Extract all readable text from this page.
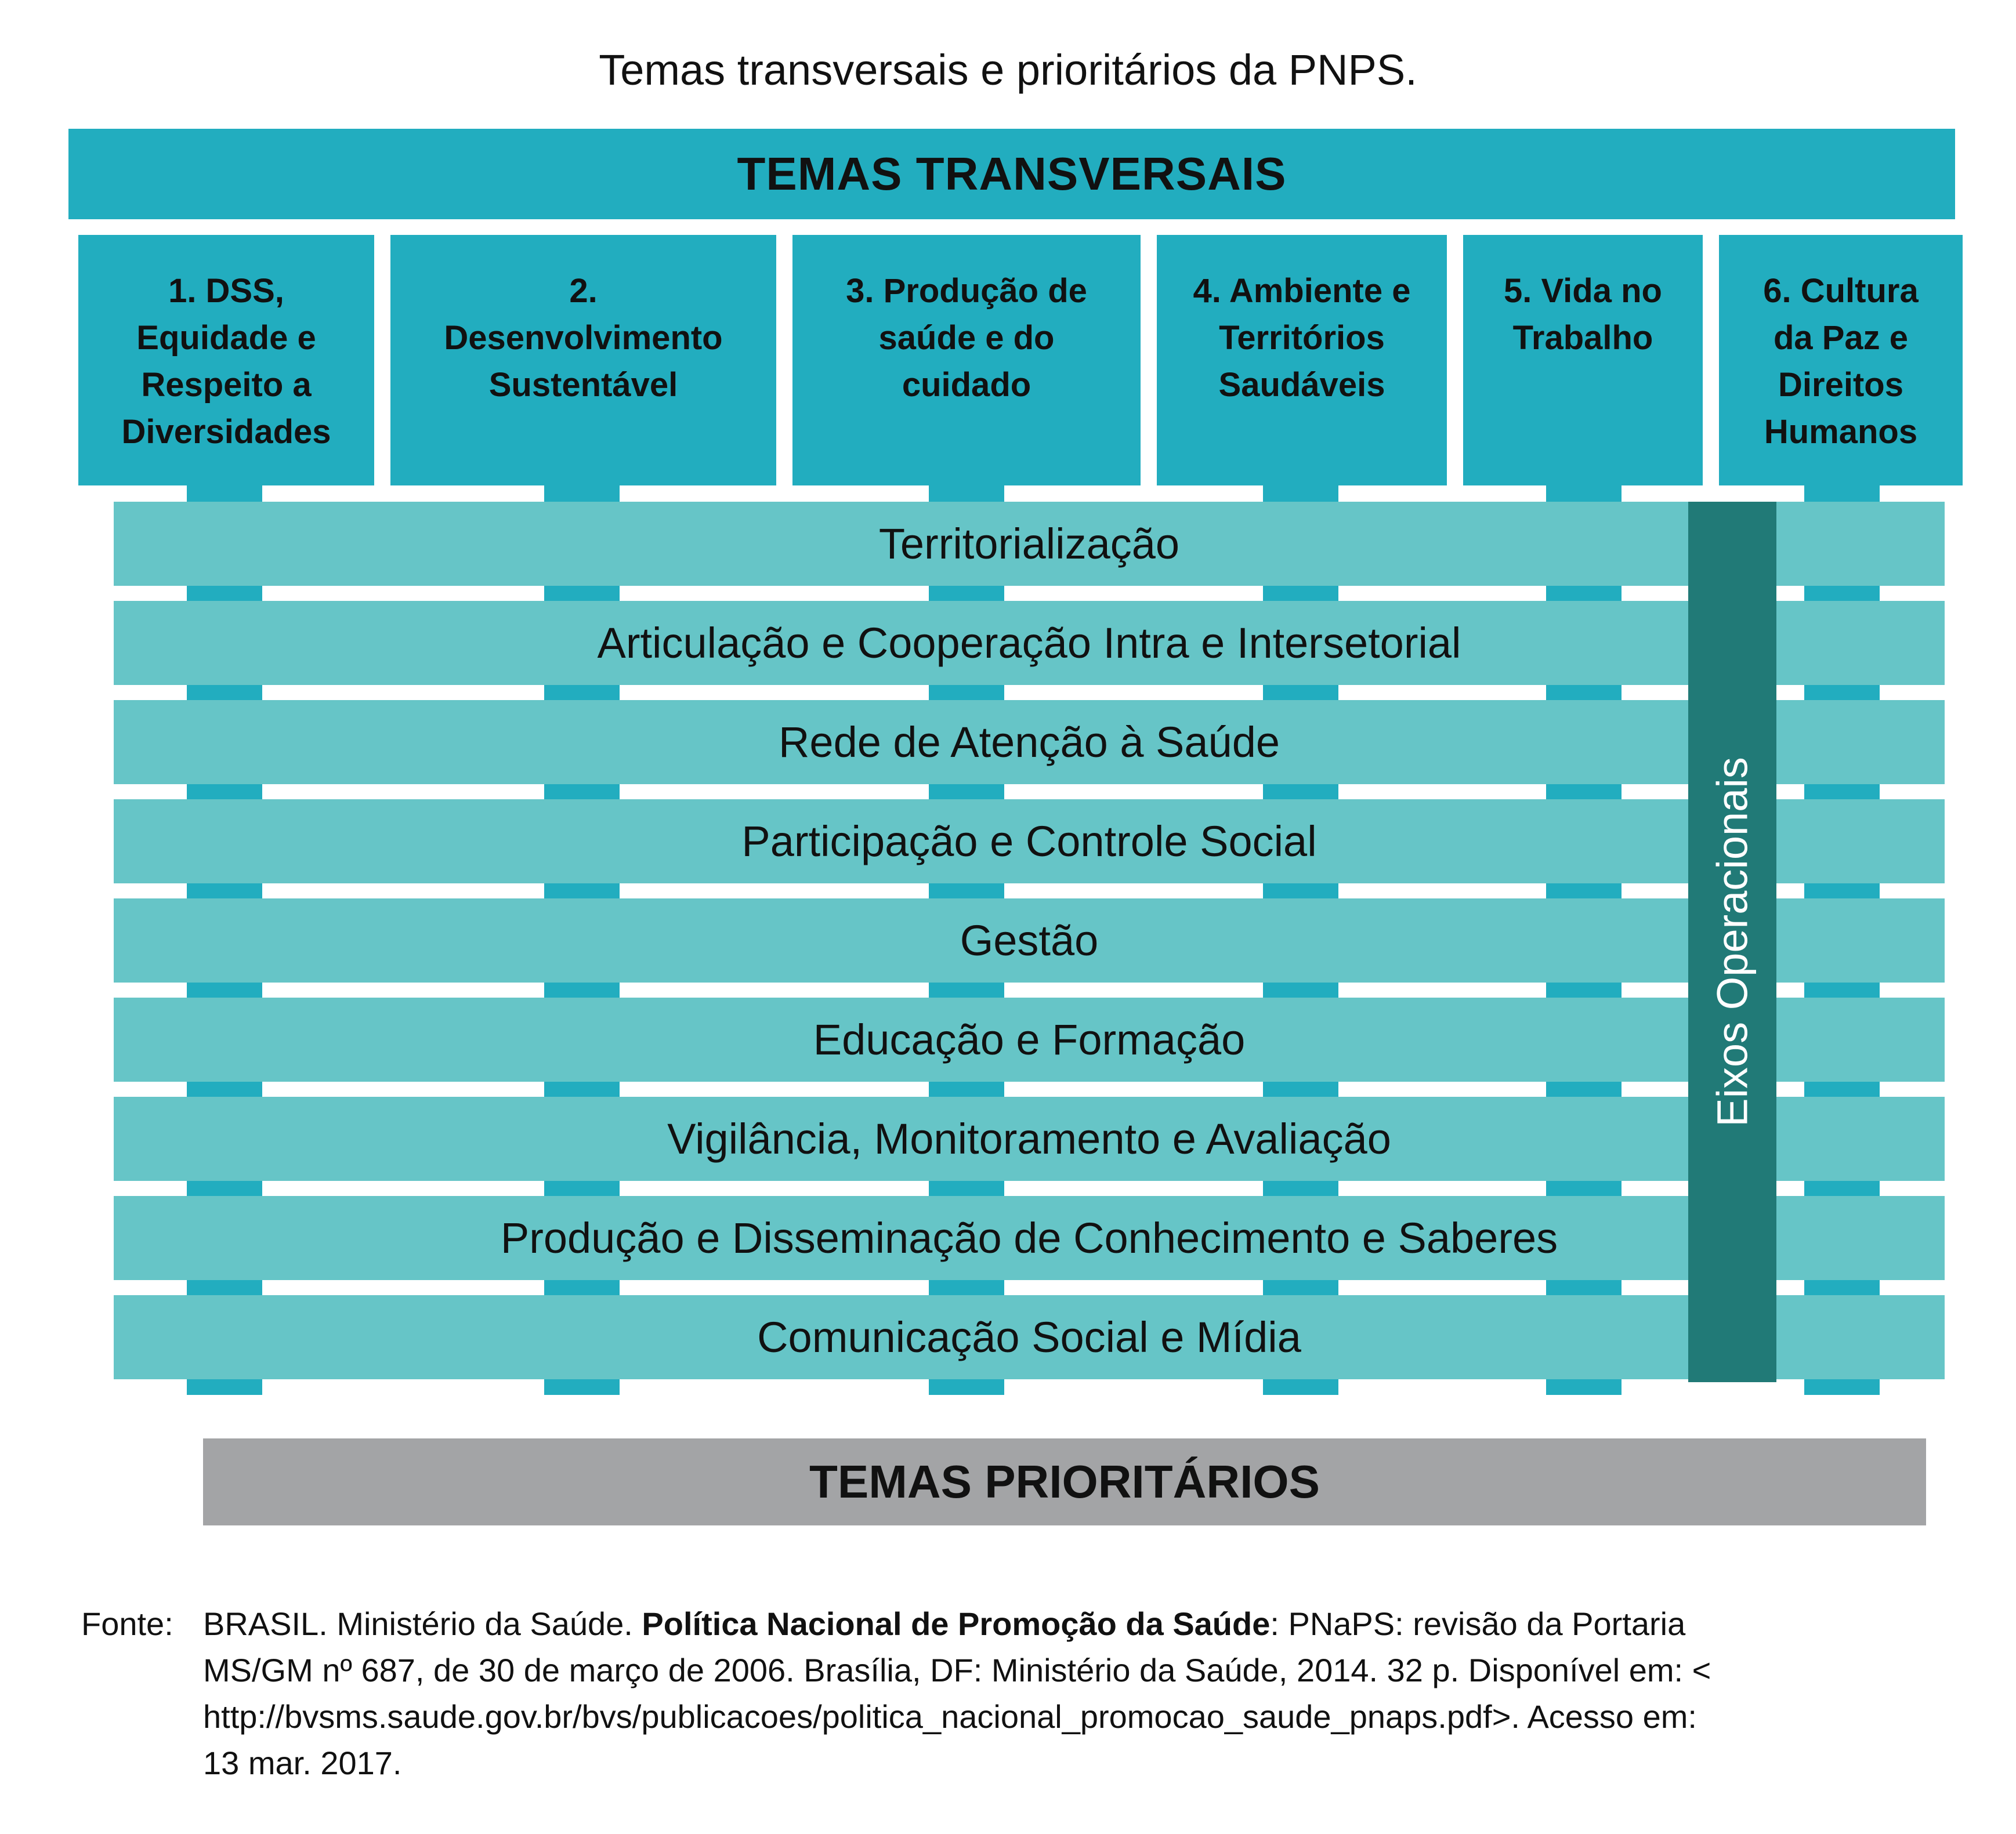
Temas transversais e prioritários da PNPS.
TEMAS TRANSVERSAIS
1. DSS,
Equidade e
Respeito a
Diversidades
2.
Desenvolvimento
Sustentável
3. Produção de
saúde e do
cuidado
4. Ambiente e
Territórios
Saudáveis
5. Vida no
Trabalho
6. Cultura
da Paz e
Direitos
Humanos
Territorialização
Articulação e Cooperação Intra e Intersetorial
Rede de Atenção à Saúde
Participação e Controle Social
Gestão
Educação e Formação
Vigilância, Monitoramento e Avaliação
Produção e Disseminação de Conhecimento e Saberes
Comunicação Social e Mídia
Eixos Operacionais
TEMAS PRIORITÁRIOS
Fonte: BRASIL. Ministério da Saúde. Política Nacional de Promoção da Saúde: PNaPS: revisão da Portaria
MS/GM nº 687, de 30 de março de 2006. Brasília, DF: Ministério da Saúde, 2014. 32 p. Disponível em: <
http://bvsms.saude.gov.br/bvs/publicacoes/politica_nacional_promocao_saude_pnaps.pdf>. Acesso em:
13 mar. 2017.
